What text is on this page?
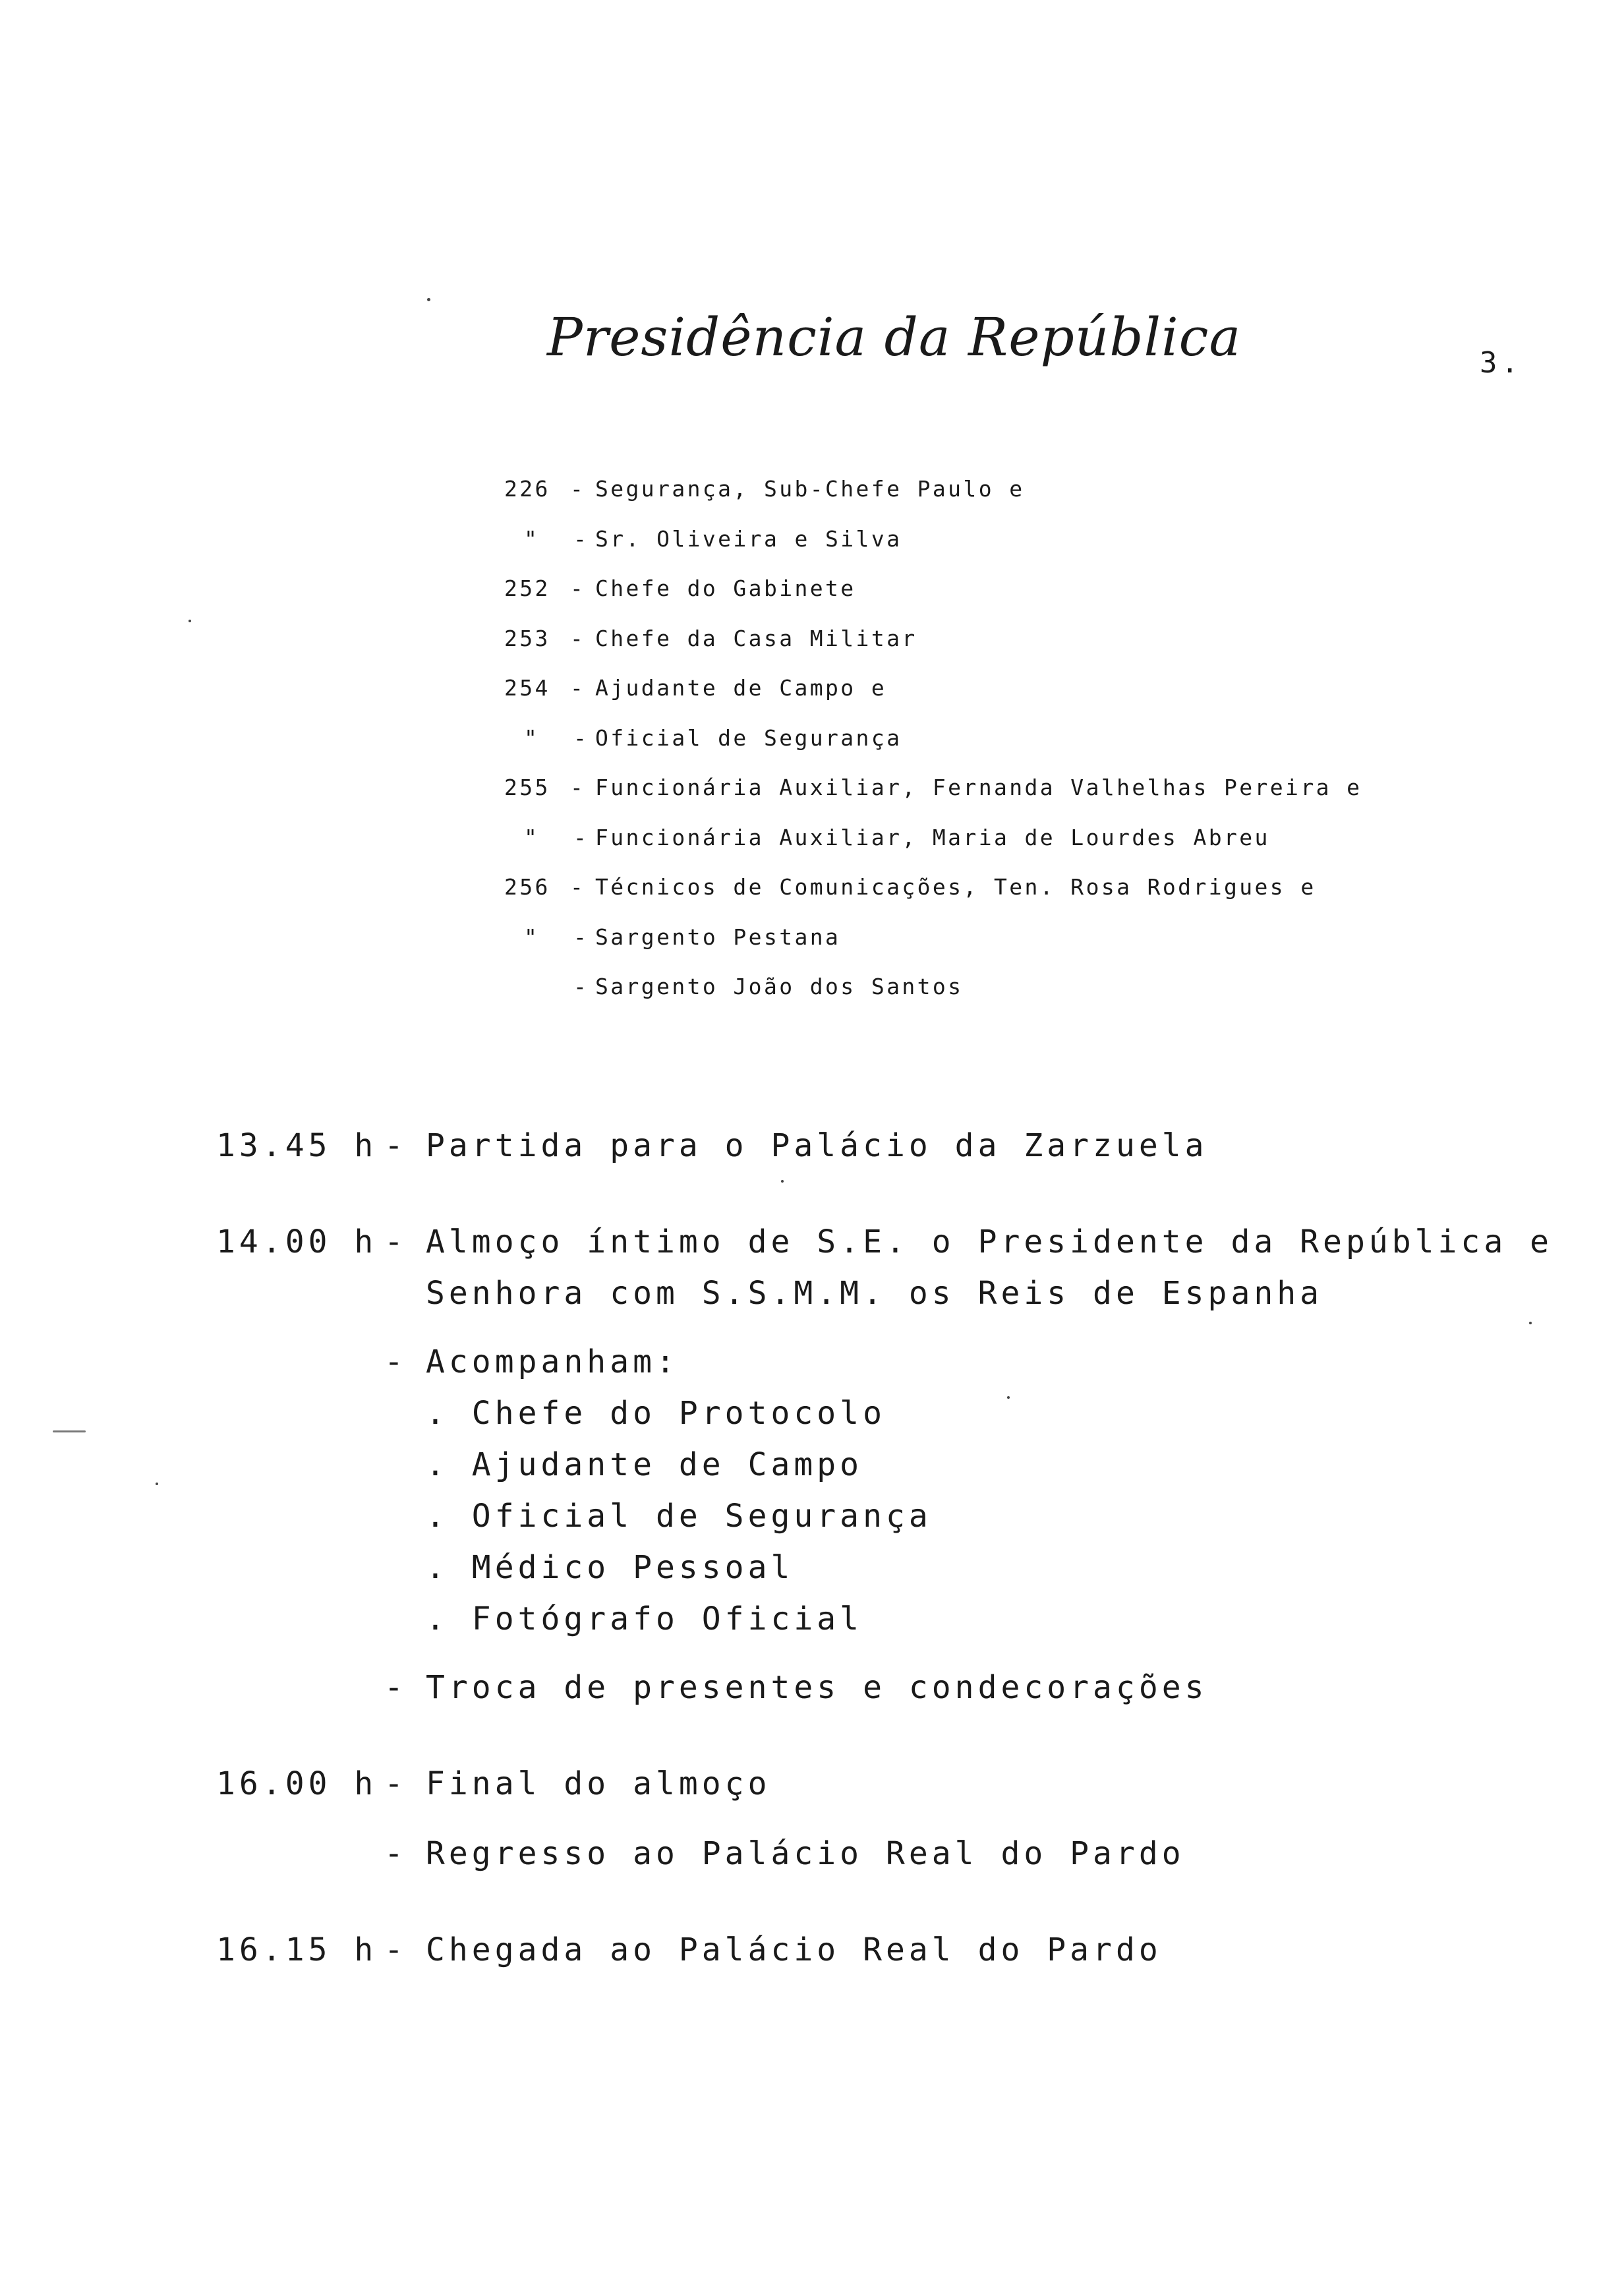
Presidência da República	3.
226 - Segurança, Sub-Chefe Paulo e
"	- Sr. Oliveira e Silva
252 - Chefe do Gabinete
253 - Chefe da Casa Militar
254 - Ajudante de Campo e
"	- Oficial de Segurança
255 - Funcionária Auxiliar, Fernanda Valhelhas Pereira e
"	- Funcionária Auxiliar, Maria de Lourdes Abreu
256 - Técnicos de Comunicações, Ten. Rosa Rodrigues e
"	- Sargento Pestana
- Sargento João dos Santos
13.45 h - Partida para o Palácio da Zarzuela
14.00 h - Almoço íntimo de S.E. o Presidente da República e
Senhora com S.S.M.M. os Reis de Espanha
- Acompanham:
. Chefe do Protocolo
. Ajudante de Campo
. Oficial de Segurança
. Médico Pessoal
. Fotógrafo Oficial
- Troca de presentes e condecorações
16.00 h - Final do almoço
- Regresso ao Palácio Real do Pardo
16.15 h - Chegada ao Palácio Real do Pardo
